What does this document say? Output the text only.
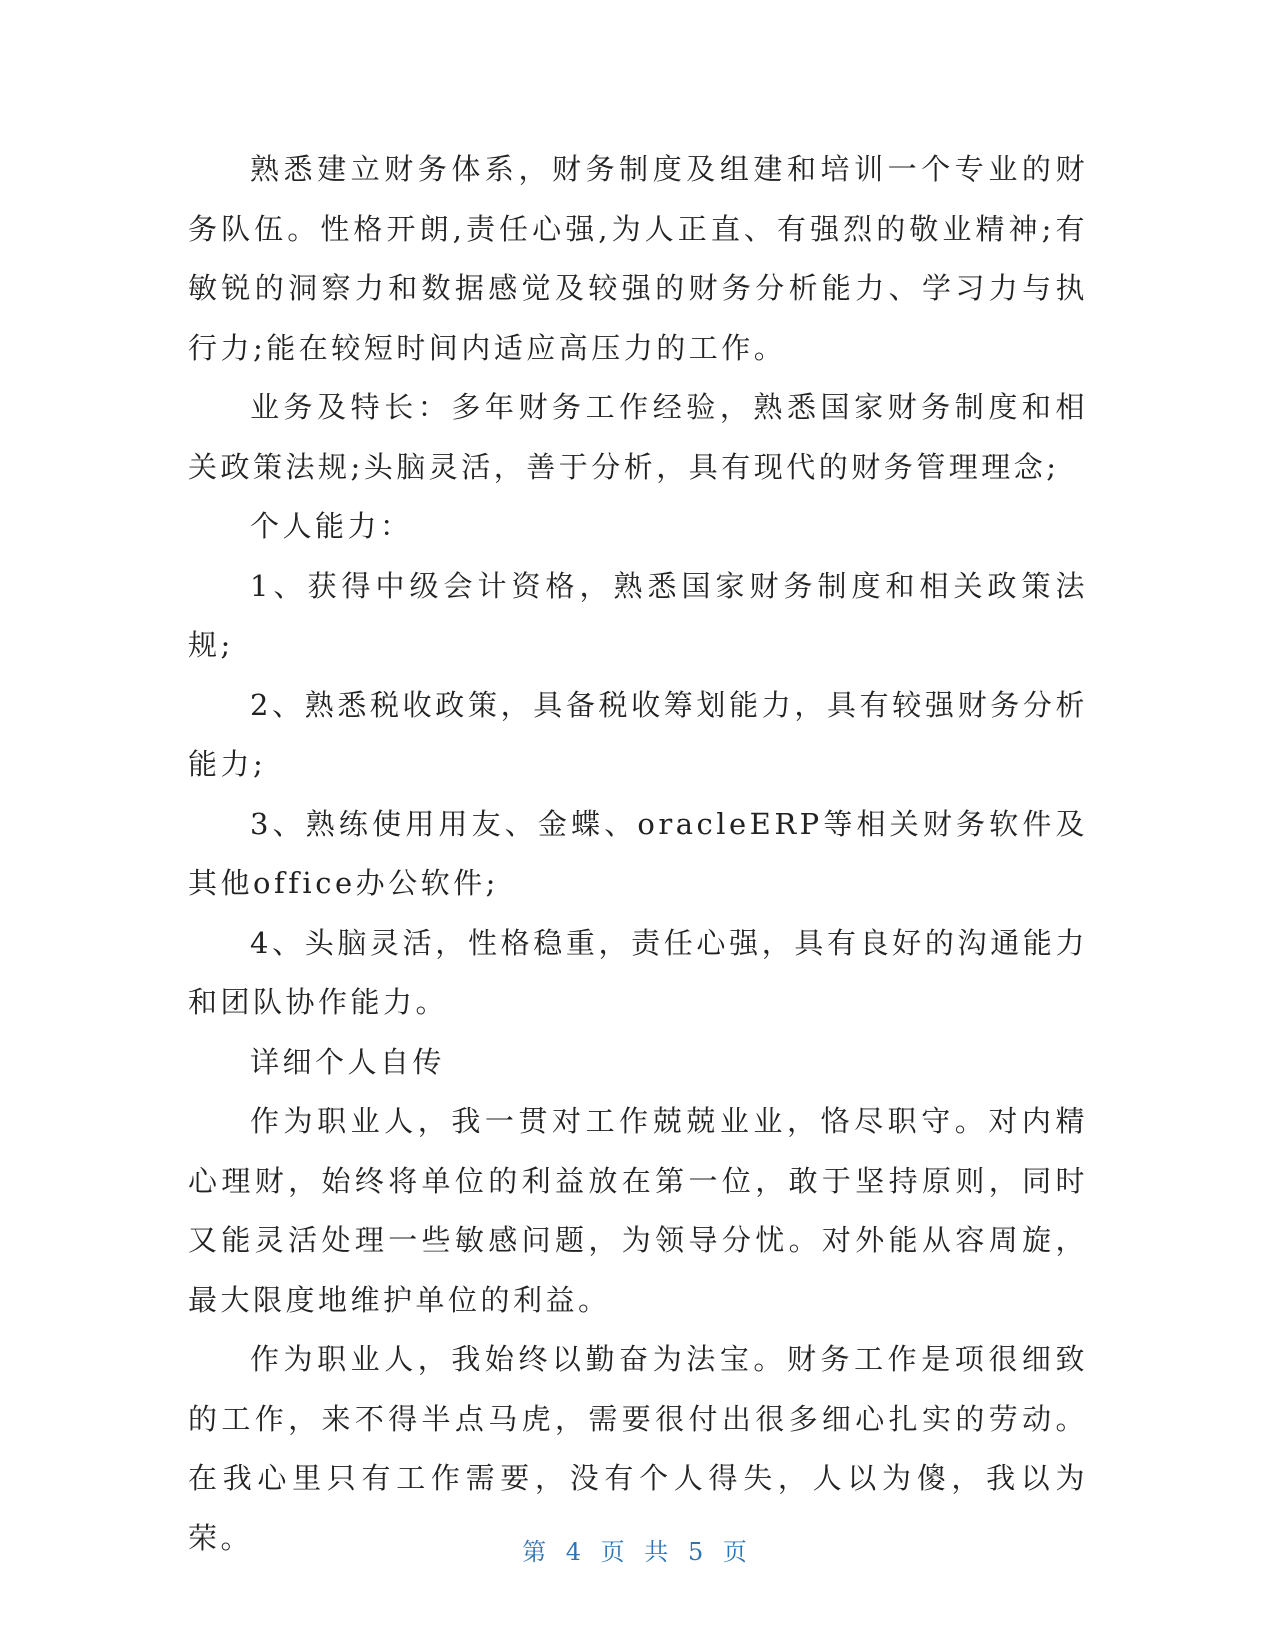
熟悉建立财务体系，财务制度及组建和培训一个专业的财务队伍。性格开朗,责任心强,为人正直、有强烈的敬业精神;有敏锐的洞察力和数据感觉及较强的财务分析能力、学习力与执行力;能在较短时间内适应高压力的工作。

业务及特长：多年财务工作经验，熟悉国家财务制度和相关政策法规;头脑灵活，善于分析，具有现代的财务管理理念;

个人能力：

1、获得中级会计资格，熟悉国家财务制度和相关政策法规;

2、熟悉税收政策，具备税收筹划能力，具有较强财务分析能力;

3、熟练使用用友、金蝶、oracleERP等相关财务软件及其他office办公软件;

4、头脑灵活，性格稳重，责任心强，具有良好的沟通能力和团队协作能力。

详细个人自传

作为职业人，我一贯对工作兢兢业业，恪尽职守。对内精心理财，始终将单位的利益放在第一位，敢于坚持原则，同时又能灵活处理一些敏感问题，为领导分忧。对外能从容周旋，最大限度地维护单位的利益。

作为职业人，我始终以勤奋为法宝。财务工作是项很细致的工作，来不得半点马虎，需要很付出很多细心扎实的劳动。在我心里只有工作需要，没有个人得失，人以为傻，我以为荣。	第 4 页 共 5 页
